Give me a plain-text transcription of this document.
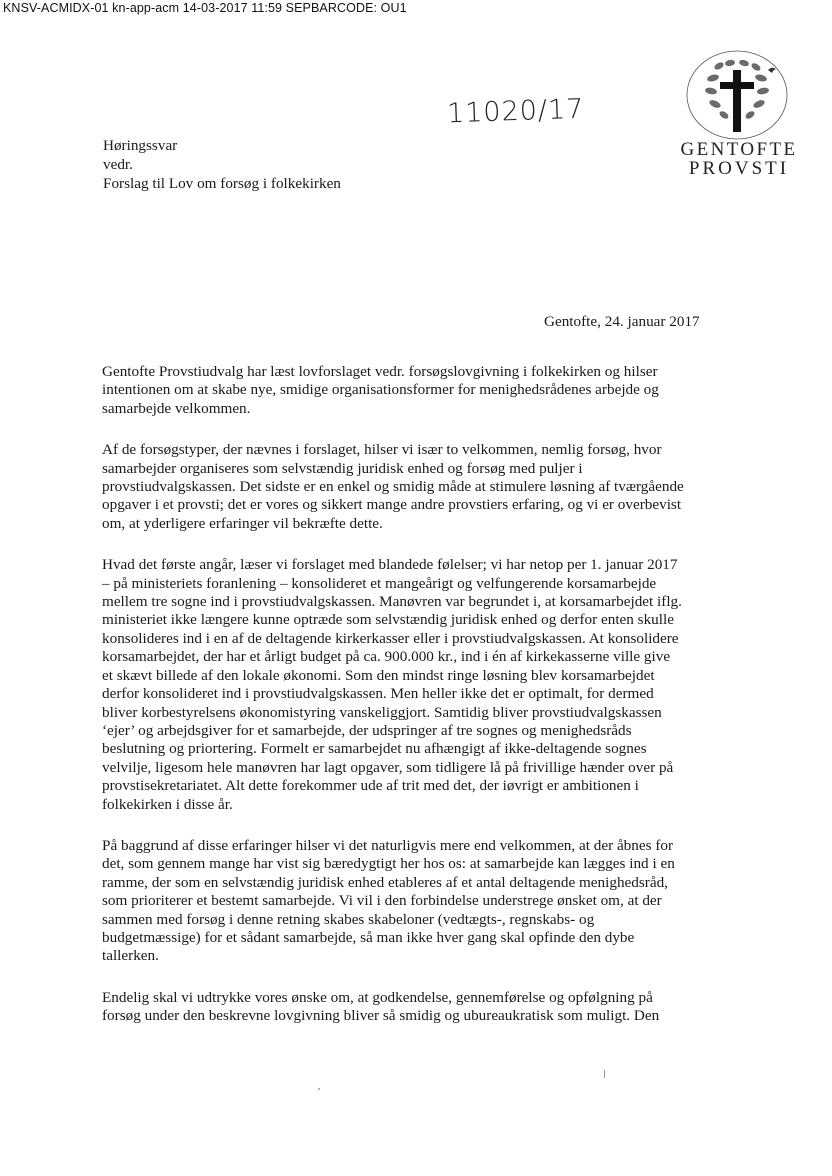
KNSV-ACMIDX-01 kn-app-acm 14-03-2017 11:59 SEPBARCODE: OU1
11020/17
GENTOFTE
PROVSTI
Høringssvar
vedr.
Forslag til Lov om forsøg i folkekirken
Gentofte, 24. januar 2017

Gentofte Provstiudvalg har læst lovforslaget vedr. forsøgslovgivning i folkekirken og hilser
intentionen om at skabe nye, smidige organisationsformer for menighedsrådenes arbejde og
samarbejde velkommen.

Af de forsøgstyper, der nævnes i forslaget, hilser vi især to velkommen, nemlig forsøg, hvor
samarbejder organiseres som selvstændig juridisk enhed og forsøg med puljer i
provstiudvalgskassen. Det sidste er en enkel og smidig måde at stimulere løsning af tværgående
opgaver i et provsti; det er vores og sikkert mange andre provstiers erfaring, og vi er overbevist
om, at yderligere erfaringer vil bekræfte dette.

Hvad det første angår, læser vi forslaget med blandede følelser; vi har netop per 1. januar 2017
– på ministeriets foranlening – konsolideret et mangeårigt og velfungerende korsamarbejde
mellem tre sogne ind i provstiudvalgskassen. Manøvren var begrundet i, at korsamarbejdet iflg.
ministeriet ikke længere kunne optræde som selvstændig juridisk enhed og derfor enten skulle
konsolideres ind i en af de deltagende kirkerkasser eller i provstiudvalgskassen. At konsolidere
korsamarbejdet, der har et årligt budget på ca. 900.000 kr., ind i én af kirkekasserne ville give
et skævt billede af den lokale økonomi. Som den mindst ringe løsning blev korsamarbejdet
derfor konsolideret ind i provstiudvalgskassen. Men heller ikke det er optimalt, for dermed
bliver korbestyrelsens økonomistyring vanskeliggjort. Samtidig bliver provstiudvalgskassen
‘ejer’ og arbejdsgiver for et samarbejde, der udspringer af tre sognes og menighedsråds
beslutning og priortering. Formelt er samarbejdet nu afhængigt af ikke-deltagende sognes
velvilje, ligesom hele manøvren har lagt opgaver, som tidligere lå på frivillige hænder over på
provstisekretariatet. Alt dette forekommer ude af trit med det, der iøvrigt er ambitionen i
folkekirken i disse år.

På baggrund af disse erfaringer hilser vi det naturligvis mere end velkommen, at der åbnes for
det, som gennem mange har vist sig bæredygtigt her hos os: at samarbejde kan lægges ind i en
ramme, der som en selvstændig juridisk enhed etableres af et antal deltagende menighedsråd,
som prioriterer et bestemt samarbejde. Vi vil i den forbindelse understrege ønsket om, at der
sammen med forsøg i denne retning skabes skabeloner (vedtægts-, regnskabs- og
budgetmæssige) for et sådant samarbejde, så man ikke hver gang skal opfinde den dybe
tallerken.

Endelig skal vi udtrykke vores ønske om, at godkendelse, gennemførelse og opfølgning på
forsøg under den beskrevne lovgivning bliver så smidig og ubureaukratisk som muligt. Den
